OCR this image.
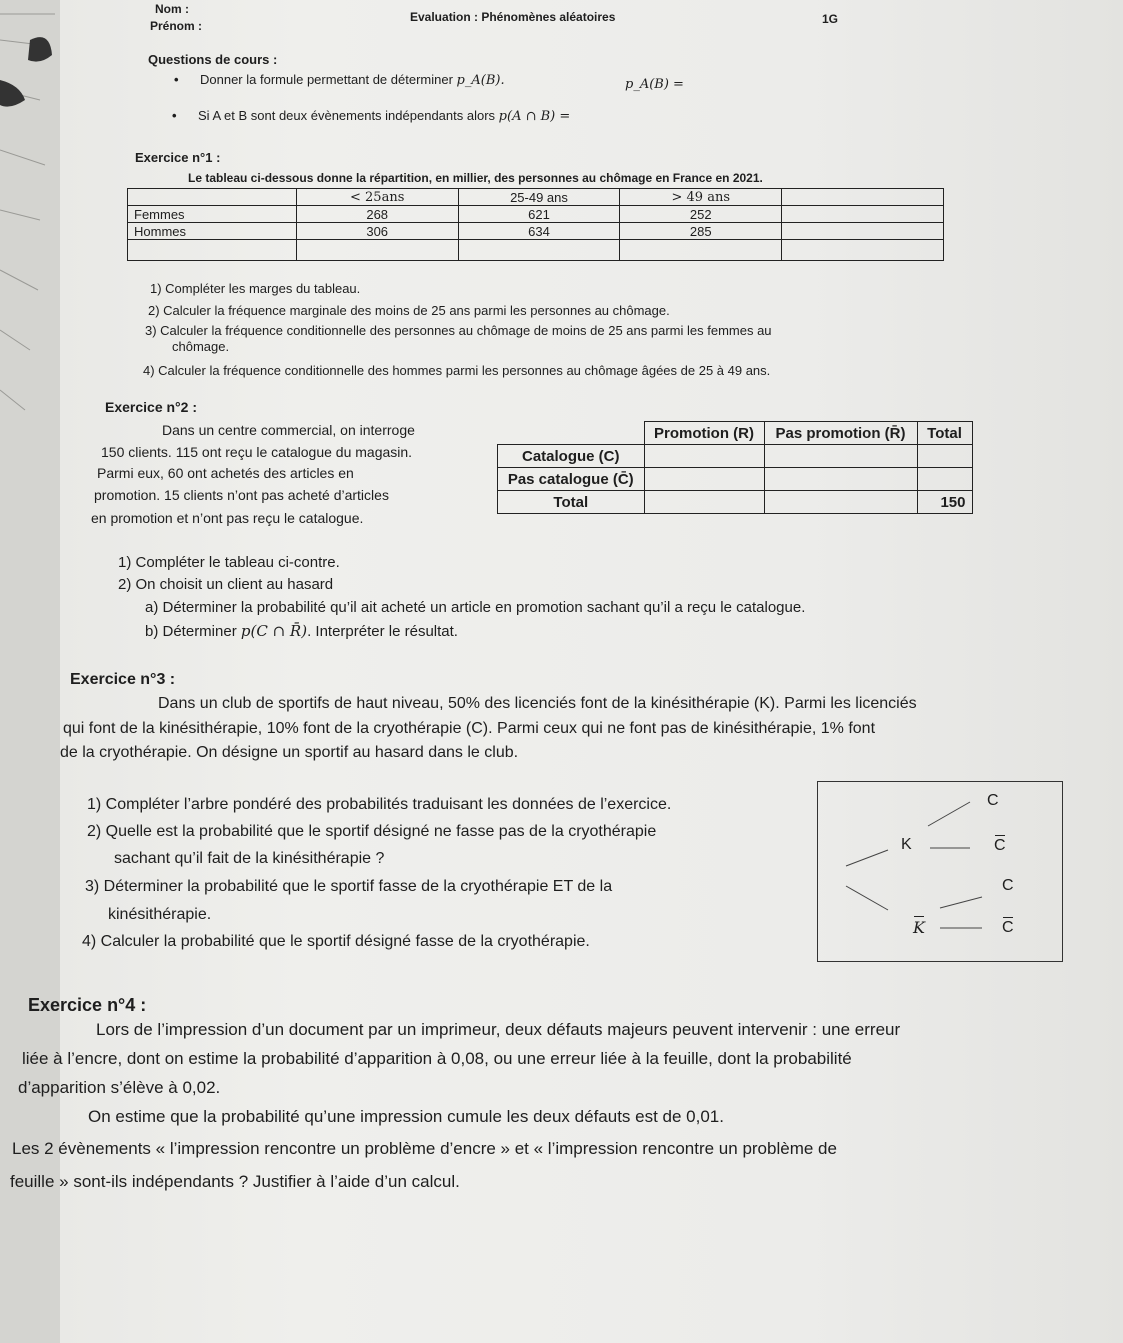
Nom :
Prénom :
Evaluation : Phénomènes aléatoires	1G
Questions de cours :
• Donner la formule permettant de déterminer p_A(B).	p_A(B) =
• Si A et B sont deux évènements indépendants alors p(A ∩ B) =
Exercice n°1 :
Le tableau ci-dessous donne la répartition, en millier, des personnes au chômage en France en 2021.
	< 25ans	25-49 ans	> 49 ans	
Femmes	268	621	252	
Hommes	306	634	285	

1) Compléter les marges du tableau.
2) Calculer la fréquence marginale des moins de 25 ans parmi les personnes au chômage.
3) Calculer la fréquence conditionnelle des personnes au chômage de moins de 25 ans parmi les femmes au
chômage.
4) Calculer la fréquence conditionnelle des hommes parmi les personnes au chômage âgées de 25 à 49 ans.
Exercice n°2 :
Dans un centre commercial, on interroge
150 clients. 115 ont reçu le catalogue du magasin.
Parmi eux, 60 ont achetés des articles en
promotion. 15 clients n’ont pas acheté d’articles
en promotion et n’ont pas reçu le catalogue.
	Promotion (R)	Pas promotion (R̄)	Total
Catalogue (C)			
Pas catalogue (C̄)			
Total			150
1) Compléter le tableau ci-contre.
2) On choisit un client au hasard
a) Déterminer la probabilité qu’il ait acheté un article en promotion sachant qu’il a reçu le catalogue.
b) Déterminer p(C ∩ R̄). Interpréter le résultat.
Exercice n°3 :
Dans un club de sportifs de haut niveau, 50% des licenciés font de la kinésithérapie (K). Parmi les licenciés
qui font de la kinésithérapie, 10% font de la cryothérapie (C). Parmi ceux qui ne font pas de kinésithérapie, 1% font
de la cryothérapie. On désigne un sportif au hasard dans le club.
1) Compléter l’arbre pondéré des probabilités traduisant les données de l’exercice.
2) Quelle est la probabilité que le sportif désigné ne fasse pas de la cryothérapie
sachant qu’il fait de la kinésithérapie ?
3) Déterminer la probabilité que le sportif fasse de la cryothérapie ET de la
kinésithérapie.
4) Calculer la probabilité que le sportif désigné fasse de la cryothérapie.
K
K
C
C
C
C
Exercice n°4 :
Lors de l’impression d’un document par un imprimeur, deux défauts majeurs peuvent intervenir : une erreur
liée à l’encre, dont on estime la probabilité d’apparition à 0,08, ou une erreur liée à la feuille, dont la probabilité
d’apparition s’élève à 0,02.
On estime que la probabilité qu’une impression cumule les deux défauts est de 0,01.
Les 2 évènements « l’impression rencontre un problème d’encre » et « l’impression rencontre un problème de
feuille » sont-ils indépendants ? Justifier à l’aide d’un calcul.
